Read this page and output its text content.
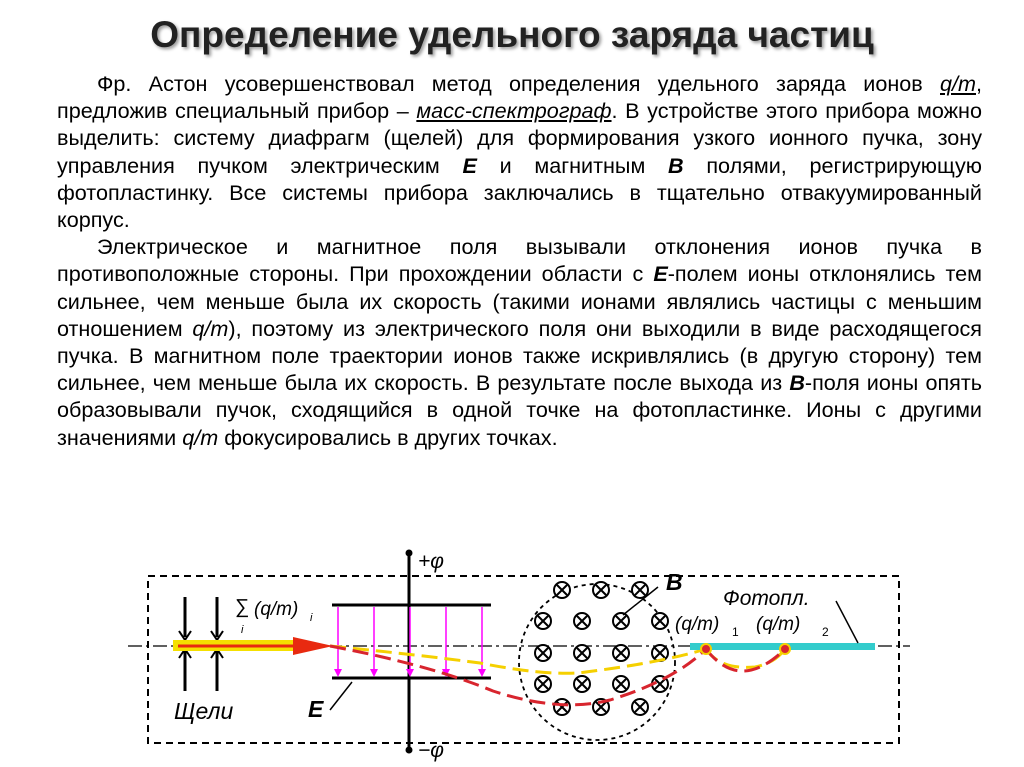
Определение удельного заряда частиц

Фр. Астон усовершенствовал метод определения удельного заряда ионов q/m, предложив специальный прибор – масс-спектрограф. В устройстве этого прибора можно выделить: систему диафрагм (щелей) для формирования узкого ионного пучка, зону управления пучком электрическим E и магнитным B полями, регистрирующую фотопластинку. Все системы прибора заключались в тщательно отвакуумированный корпус.

Электрическое и магнитное поля вызывали отклонения ионов пучка в противоположные стороны. При прохождении области с E-полем ионы отклонялись тем сильнее, чем меньше была их скорость (такими ионами являлись частицы с меньшим отношением q/m), поэтому из электрического поля они выходили в виде расходящегося пучка. В магнитном поле траектории ионов также искривлялись (в другую сторону) тем сильнее, чем меньше была их скорость. В результате после выхода из B-поля ионы опять образовывали пучок, сходящийся в одной точке на фотопластинке. Ионы с другими значениями q/m фокусировались в других точках.

+φ
−φ
∑
i
(q/m) i
B
E
Щели
Фотопл.
(q/m) 1 (q/m) 2
